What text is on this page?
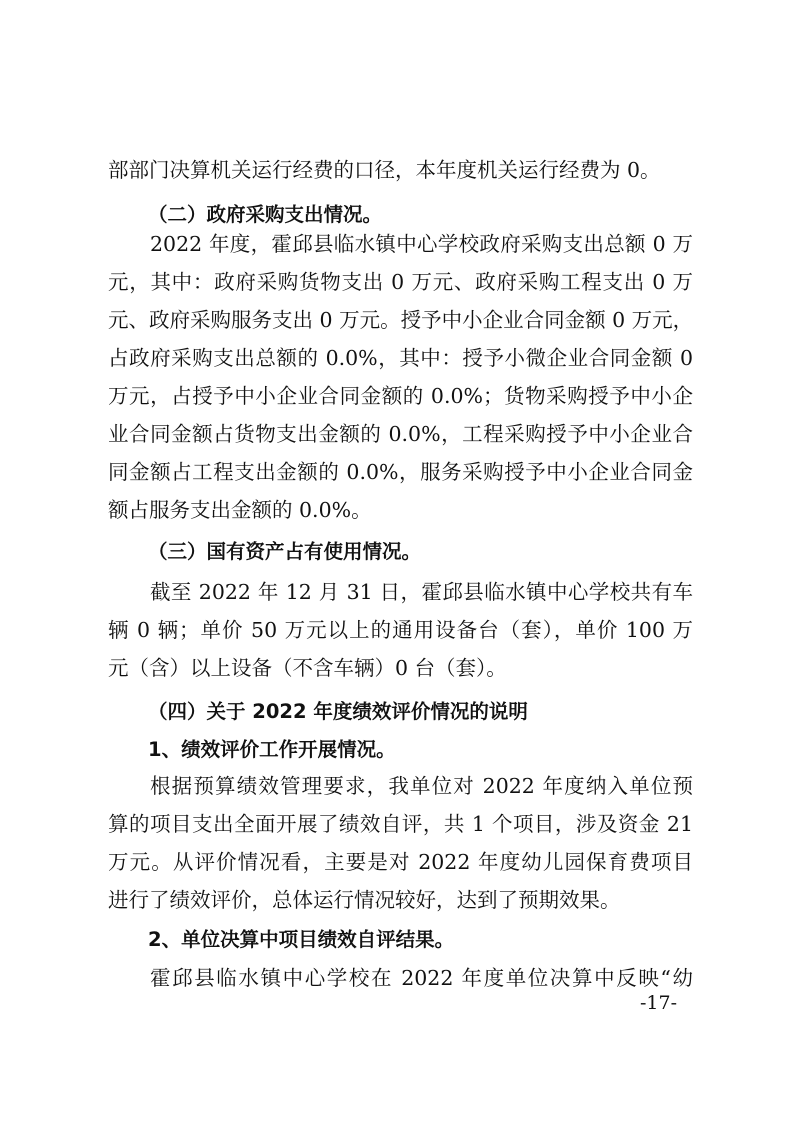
部部门决算机关运行经费的口径，本年度机关运行经费为 0。
（二）政府采购支出情况。
2022 年度，霍邱县临水镇中心学校政府采购支出总额 0 万
元，其中：政府采购货物支出 0 万元、政府采购工程支出 0 万
元、政府采购服务支出 0 万元。授予中小企业合同金额 0 万元，
占政府采购支出总额的 0.0%，其中：授予小微企业合同金额 0
万元，占授予中小企业合同金额的 0.0%；货物采购授予中小企
业合同金额占货物支出金额的 0.0%，工程采购授予中小企业合
同金额占工程支出金额的 0.0%，服务采购授予中小企业合同金
额占服务支出金额的 0.0%。
（三）国有资产占有使用情况。
截至 2022 年 12 月 31 日，霍邱县临水镇中心学校共有车
辆 0 辆；单价 50 万元以上的通用设备台（套），单价 100 万
元（含）以上设备（不含车辆）0 台（套）。
（四）关于 2022 年度绩效评价情况的说明
1、绩效评价工作开展情况。
根据预算绩效管理要求，我单位对 2022 年度纳入单位预
算的项目支出全面开展了绩效自评，共 1 个项目，涉及资金 21
万元。从评价情况看，主要是对 2022 年度幼儿园保育费项目
进行了绩效评价，总体运行情况较好，达到了预期效果。
2、单位决算中项目绩效自评结果。
霍邱县临水镇中心学校在 2022 年度单位决算中反映“幼
-17-
